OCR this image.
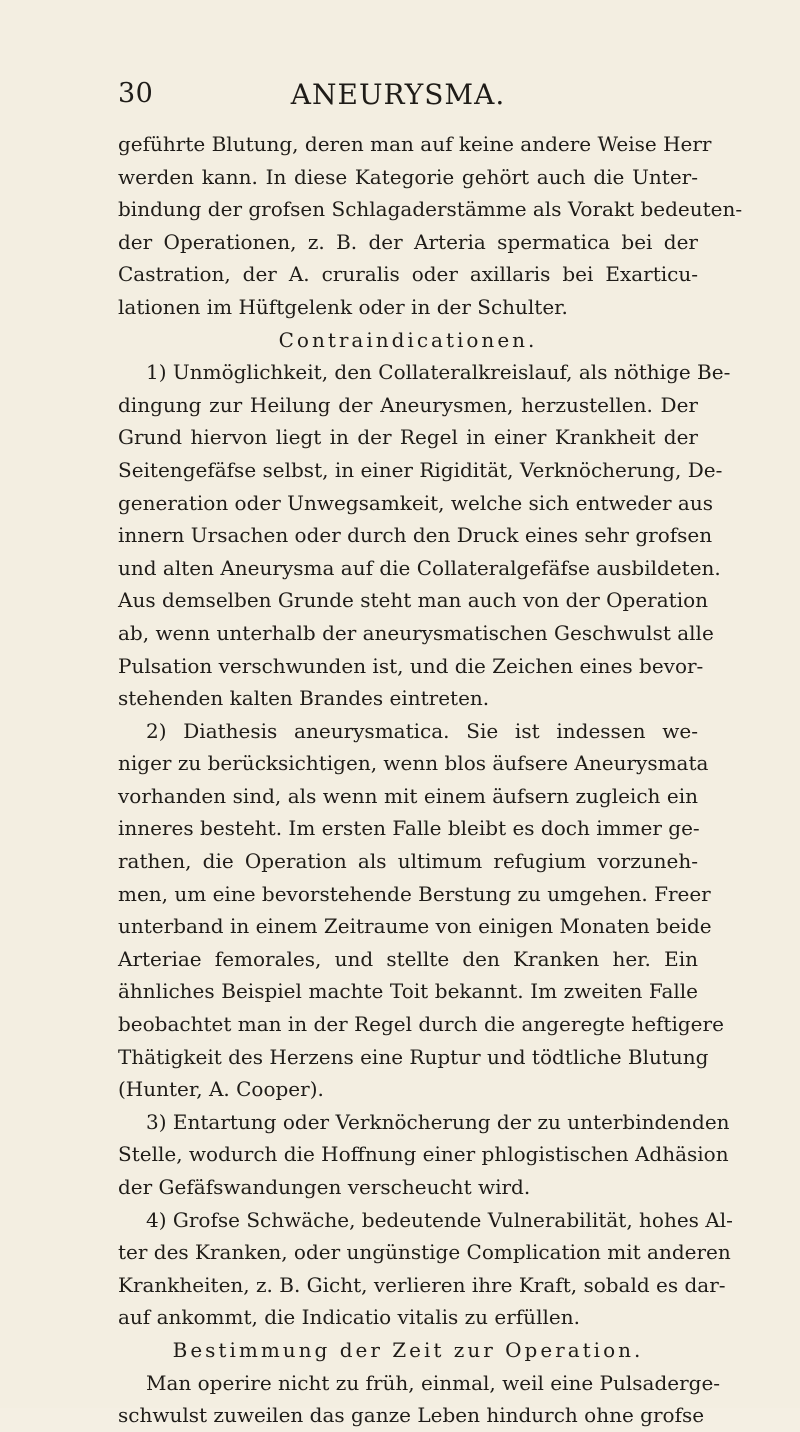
30	ANEURYSMA.
geführte Blutung, deren man auf keine andere Weise Herr
werden kann. In diese Kategorie gehört auch die Unter-
bindung der grofsen Schlagaderstämme als Vorakt bedeuten-
der Operationen, z. B. der Arteria spermatica bei der
Castration, der A. cruralis oder axillaris bei Exarticu-
lationen im Hüftgelenk oder in der Schulter.
Contraindicationen.
1) Unmöglichkeit, den Collateralkreislauf, als nöthige Be-
dingung zur Heilung der Aneurysmen, herzustellen. Der
Grund hiervon liegt in der Regel in einer Krankheit der
Seitengefäfse selbst, in einer Rigidität, Verknöcherung, De-
generation oder Unwegsamkeit, welche sich entweder aus
innern Ursachen oder durch den Druck eines sehr grofsen
und alten Aneurysma auf die Collateralgefäfse ausbildeten.
Aus demselben Grunde steht man auch von der Operation
ab, wenn unterhalb der aneurysmatischen Geschwulst alle
Pulsation verschwunden ist, und die Zeichen eines bevor-
stehenden kalten Brandes eintreten.
2) Diathesis aneurysmatica. Sie ist indessen we-
niger zu berücksichtigen, wenn blos äufsere Aneurysmata
vorhanden sind, als wenn mit einem äufsern zugleich ein
inneres besteht. Im ersten Falle bleibt es doch immer ge-
rathen, die Operation als ultimum refugium vorzuneh-
men, um eine bevorstehende Berstung zu umgehen. Freer
unterband in einem Zeitraume von einigen Monaten beide
Arteriae femorales, und stellte den Kranken her. Ein
ähnliches Beispiel machte Toit bekannt. Im zweiten Falle
beobachtet man in der Regel durch die angeregte heftigere
Thätigkeit des Herzens eine Ruptur und tödtliche Blutung
(Hunter, A. Cooper).
3) Entartung oder Verknöcherung der zu unterbindenden
Stelle, wodurch die Hoffnung einer phlogistischen Adhäsion
der Gefäfswandungen verscheucht wird.
4) Grofse Schwäche, bedeutende Vulnerabilität, hohes Al-
ter des Kranken, oder ungünstige Complication mit anderen
Krankheiten, z. B. Gicht, verlieren ihre Kraft, sobald es dar-
auf ankommt, die Indicatio vitalis zu erfüllen.
Bestimmung der Zeit zur Operation.
Man operire nicht zu früh, einmal, weil eine Pulsaderge-
schwulst zuweilen das ganze Leben hindurch ohne grofse
